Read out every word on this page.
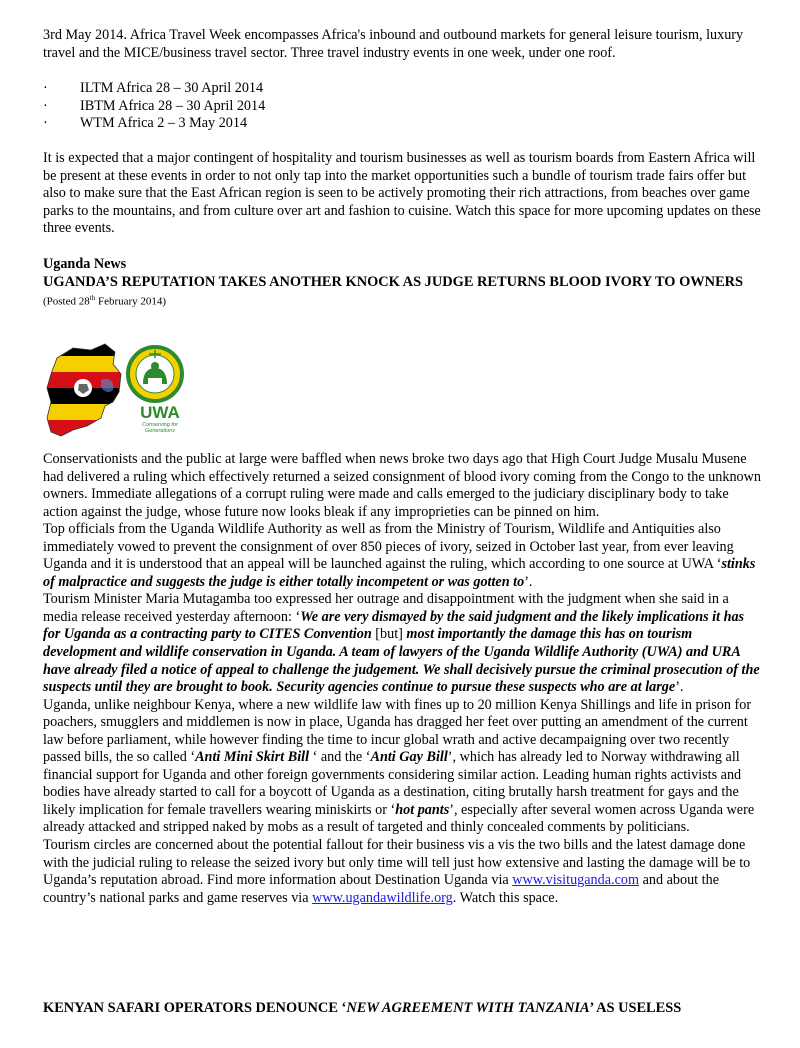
3rd May 2014. Africa Travel Week encompasses Africa's inbound and outbound markets for general leisure tourism, luxury travel and the MICE/business travel sector. Three travel industry events in one week, under one roof.

·	ILTM Africa 28 – 30 April 2014
·	IBTM Africa 28 – 30 April 2014
·	WTM Africa 2 – 3 May 2014

It is expected that a major contingent of hospitality and tourism businesses as well as tourism boards from Eastern Africa will be present at these events in order to not only tap into the market opportunities such a bundle of tourism trade fairs offer but also to make sure that the East African region is seen to be actively promoting their rich attractions, from beaches over game parks to the mountains, and from culture over art and fashion to cuisine. Watch this space for more upcoming updates on these three events.

Uganda News
UGANDA’S REPUTATION TAKES ANOTHER KNOCK AS JUDGE RETURNS BLOOD IVORY TO OWNERS
(Posted 28th February 2014)
UWA
Conserving for
Generations

Conservationists and the public at large were baffled when news broke two days ago that High Court Judge Musalu Musene had delivered a ruling which effectively returned a seized consignment of blood ivory coming from the Congo to the unknown owners. Immediate allegations of a corrupt ruling were made and calls emerged to the judiciary disciplinary body to take action against the judge, whose future now looks bleak if any improprieties can be pinned on him.

Top officials from the Uganda Wildlife Authority as well as from the Ministry of Tourism, Wildlife and Antiquities also immediately vowed to prevent the consignment of over 850 pieces of ivory, seized in October last year, from ever leaving Uganda and it is understood that an appeal will be launched against the ruling, which according to one source at UWA ‘stinks of malpractice and suggests the judge is either totally incompetent or was gotten to’.

Tourism Minister Maria Mutagamba too expressed her outrage and disappointment with the judgment when she said in a media release received yesterday afternoon: ‘We are very dismayed by the said judgment and the likely implications it has for Uganda as a contracting party to CITES Convention [but] most importantly the damage this has on tourism development and wildlife conservation in Uganda. A team of lawyers of the Uganda Wildlife Authority (UWA) and URA have already filed a notice of appeal to challenge the judgement. We shall decisively pursue the criminal prosecution of the suspects until they are brought to book. Security agencies continue to pursue these suspects who are at large’.

Uganda, unlike neighbour Kenya, where a new wildlife law with fines up to 20 million Kenya Shillings and life in prison for poachers, smugglers and middlemen is now in place, Uganda has dragged her feet over putting an amendment of the current law before parliament, while however finding the time to incur global wrath and active decampaigning over two recently passed bills, the so called ‘Anti Mini Skirt Bill ‘ and the ‘Anti Gay Bill’, which has already led to Norway withdrawing all financial support for Uganda and other foreign governments considering similar action. Leading human rights activists and bodies have already started to call for a boycott of Uganda as a destination, citing brutally harsh treatment for gays and the likely implication for female travellers wearing miniskirts or ‘hot pants’, especially after several women across Uganda were already attacked and stripped naked by mobs as a result of targeted and thinly concealed comments by politicians.

Tourism circles are concerned about the potential fallout for their business vis a vis the two bills and the latest damage done with the judicial ruling to release the seized ivory but only time will tell just how extensive and lasting the damage will be to Uganda’s reputation abroad. Find more information about Destination Uganda via www.visituganda.com and about the country’s national parks and game reserves via www.ugandawildlife.org. Watch this space.

KENYAN SAFARI OPERATORS DENOUNCE ‘NEW AGREEMENT WITH TANZANIA’ AS USELESS
